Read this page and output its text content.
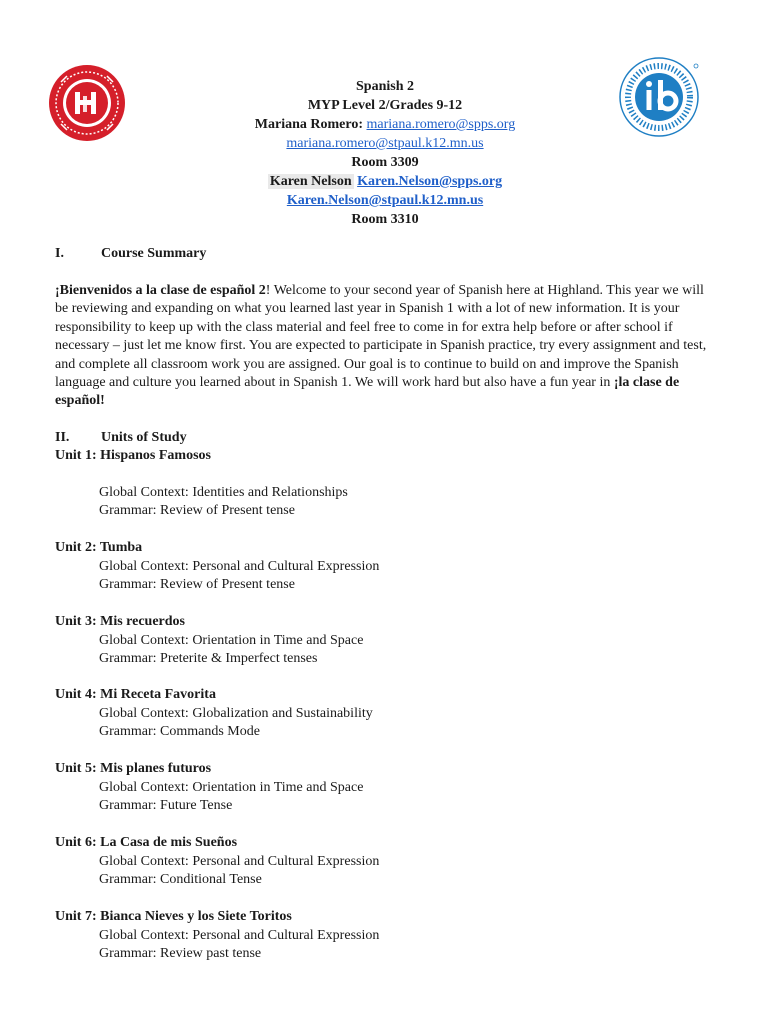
Spanish 2
MYP Level 2/Grades 9-12
Mariana Romero: mariana.romero@spps.org
mariana.romero@stpaul.k12.mn.us
Room 3309
Karen Nelson Karen.Nelson@spps.org
Karen.Nelson@stpaul.k12.mn.us
Room 3310
I.	Course Summary
¡Bienvenidos a la clase de español 2! Welcome to your second year of Spanish here at Highland. This year we will be reviewing and expanding on what you learned last year in Spanish 1 with a lot of new information. It is your responsibility to keep up with the class material and feel free to come in for extra help before or after school if necessary – just let me know first. You are expected to participate in Spanish practice, try every assignment and test, and complete all classroom work you are assigned. Our goal is to continue to build on and improve the Spanish language and culture you learned about in Spanish 1. We will work hard but also have a fun year in ¡la clase de español!
II. Units of Study
Unit 1: Hispanos Famosos
Global Context: Identities and Relationships
Grammar: Review of Present tense
Unit 2: Tumba
Global Context: Personal and Cultural Expression
Grammar: Review of Present tense
Unit 3: Mis recuerdos
Global Context: Orientation in Time and Space
Grammar: Preterite & Imperfect tenses
Unit 4: Mi Receta Favorita
Global Context: Globalization and Sustainability
Grammar: Commands Mode
Unit 5: Mis planes futuros
Global Context: Orientation in Time and Space
Grammar: Future Tense
Unit 6: La Casa de mis Sueños
Global Context: Personal and Cultural Expression
Grammar: Conditional Tense
Unit 7: Bianca Nieves y los Siete Toritos
Global Context: Personal and Cultural Expression
Grammar: Review past tense
